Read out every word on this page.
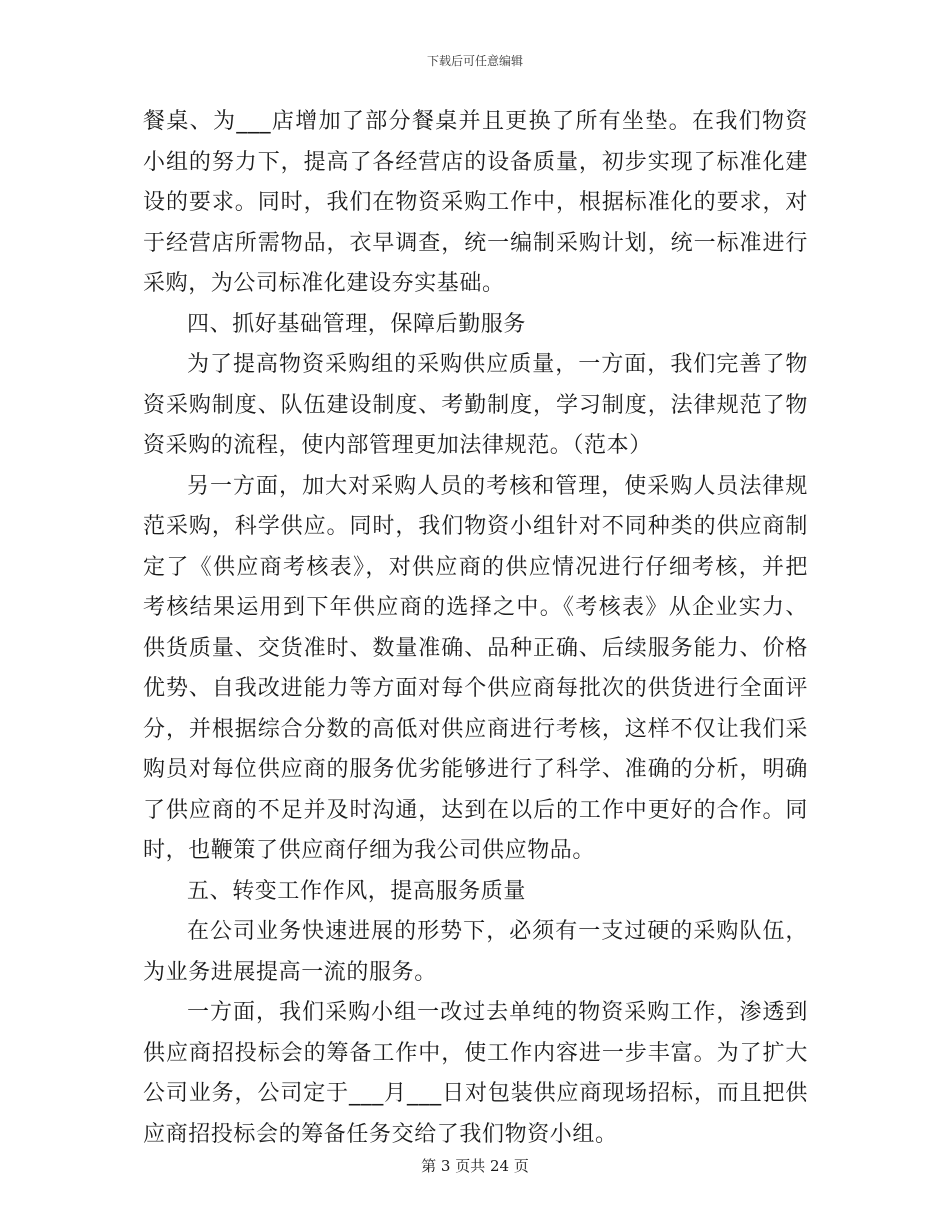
下载后可任意编辑

餐桌、为___店增加了部分餐桌并且更换了所有坐垫。在我们物资小组的努力下，提高了各经营店的设备质量，初步实现了标准化建设的要求。同时，我们在物资采购工作中，根据标准化的要求，对于经营店所需物品，衣早调查，统一编制采购计划，统一标准进行采购，为公司标准化建设夯实基础。

四、抓好基础管理，保障后勤服务

为了提高物资采购组的采购供应质量，一方面，我们完善了物资采购制度、队伍建设制度、考勤制度，学习制度，法律规范了物资采购的流程，使内部管理更加法律规范。（范本）

另一方面，加大对采购人员的考核和管理，使采购人员法律规范采购，科学供应。同时，我们物资小组针对不同种类的供应商制定了《供应商考核表》，对供应商的供应情况进行仔细考核，并把考核结果运用到下年供应商的选择之中。《考核表》从企业实力、供货质量、交货准时、数量准确、品种正确、后续服务能力、价格优势、自我改进能力等方面对每个供应商每批次的供货进行全面评分，并根据综合分数的高低对供应商进行考核，这样不仅让我们采购员对每位供应商的服务优劣能够进行了科学、准确的分析，明确了供应商的不足并及时沟通，达到在以后的工作中更好的合作。同时，也鞭策了供应商仔细为我公司供应物品。

五、转变工作作风，提高服务质量

在公司业务快速进展的形势下，必须有一支过硬的采购队伍，为业务进展提高一流的服务。

一方面，我们采购小组一改过去单纯的物资采购工作，渗透到供应商招投标会的筹备工作中，使工作内容进一步丰富。为了扩大公司业务，公司定于___月___日对包装供应商现场招标，而且把供应商招投标会的筹备任务交给了我们物资小组。

第 3 页共 24 页
